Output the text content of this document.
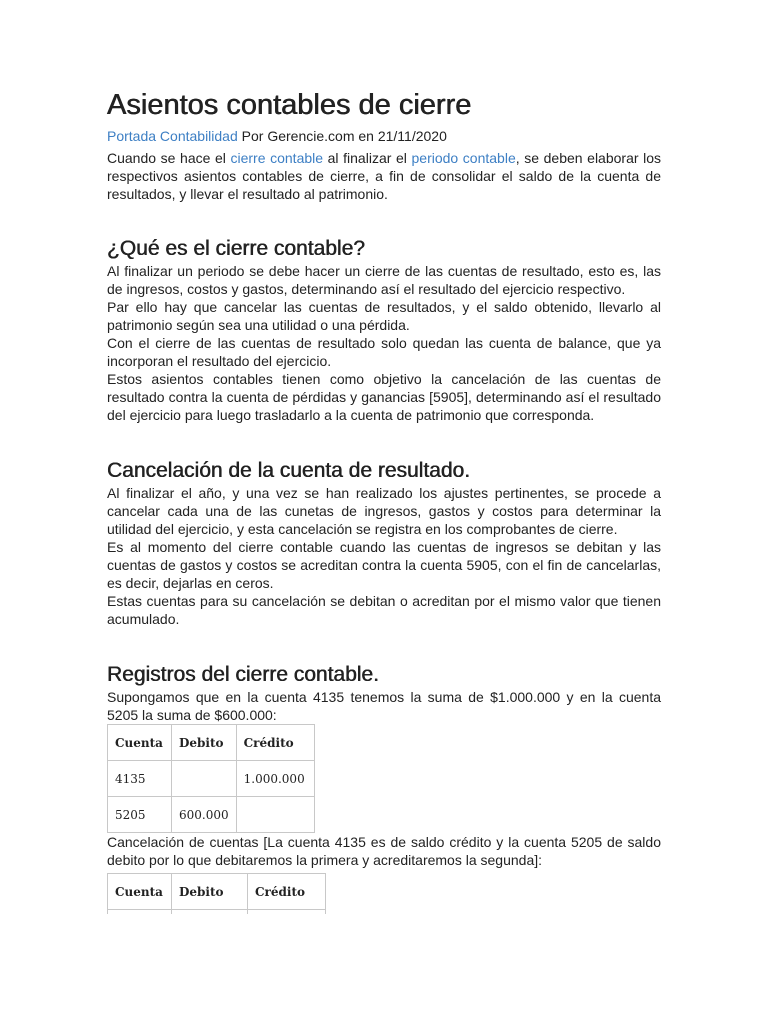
Asientos contables de cierre
Portada Contabilidad Por Gerencie.com en 21/11/2020

Cuando se hace el cierre contable al finalizar el periodo contable, se deben elaborar los respectivos asientos contables de cierre, a fin de consolidar el saldo de la cuenta de resultados, y llevar el resultado al patrimonio.

¿Qué es el cierre contable?

Al finalizar un periodo se debe hacer un cierre de las cuentas de resultado, esto es, las de ingresos, costos y gastos, determinando así el resultado del ejercicio respectivo.

Par ello hay que cancelar las cuentas de resultados, y el saldo obtenido, llevarlo al patrimonio según sea una utilidad o una pérdida.

Con el cierre de las cuentas de resultado solo quedan las cuenta de balance, que ya incorporan el resultado del ejercicio.

Estos asientos contables tienen como objetivo la cancelación de las cuentas de resultado contra la cuenta de pérdidas y ganancias [5905], determinando así el resultado del ejercicio para luego trasladarlo a la cuenta de patrimonio que corresponda.

Cancelación de la cuenta de resultado.

Al finalizar el año, y una vez se han realizado los ajustes pertinentes, se procede a cancelar cada una de las cunetas de ingresos, gastos y costos para determinar la utilidad del ejercicio, y esta cancelación se registra en los comprobantes de cierre.

Es al momento del cierre contable cuando las cuentas de ingresos se debitan y las cuentas de gastos y costos se acreditan contra la cuenta 5905, con el fin de cancelarlas, es decir, dejarlas en ceros.

Estas cuentas para su cancelación se debitan o acreditan por el mismo valor que tienen acumulado.

Registros del cierre contable.

Supongamos que en la cuenta 4135 tenemos la suma de $1.000.000 y en la cuenta 5205 la suma de $600.000:

Cuenta	Debito	Crédito
4135		1.000.000
5205	600.000	

Cancelación de cuentas [La cuenta 4135 es de saldo crédito y la cuenta 5205 de saldo debito por lo que debitaremos la primera y acreditaremos la segunda]:

Cuenta	Debito	Crédito
